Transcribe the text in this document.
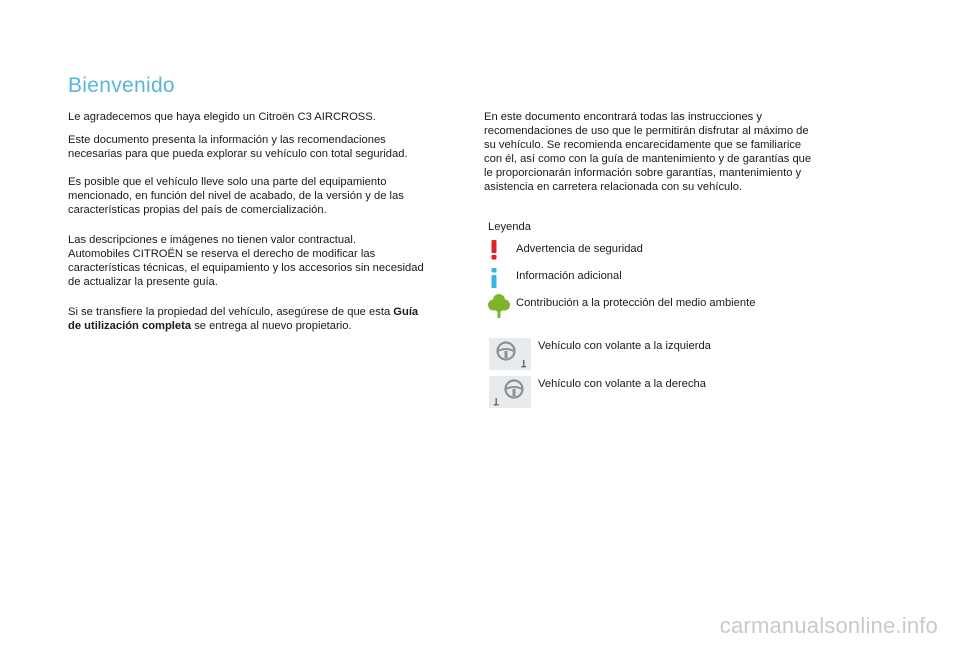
Bienvenido

Le agradecemos que haya elegido un Citroën C3 AIRCROSS.

Este documento presenta la información y las recomendaciones
necesarias para que pueda explorar su vehículo con total seguridad.

Es posible que el vehículo lleve solo una parte del equipamiento
mencionado, en función del nivel de acabado, de la versión y de las
características propias del país de comercialización.

Las descripciones e imágenes no tienen valor contractual.
Automobiles CITROËN se reserva el derecho de modificar las
características técnicas, el equipamiento y los accesorios sin necesidad
de actualizar la presente guía.

Si se transfiere la propiedad del vehículo, asegúrese de que esta Guía
de utilización completa se entrega al nuevo propietario.

En este documento encontrará todas las instrucciones y
recomendaciones de uso que le permitirán disfrutar al máximo de
su vehículo. Se recomienda encarecidamente que se familiarice
con él, así como con la guía de mantenimiento y de garantías que
le proporcionarán información sobre garantías, mantenimiento y
asistencia en carretera relacionada con su vehículo.

Leyenda
Advertencia de seguridad
Información adicional
Contribución a la protección del medio ambiente
Vehículo con volante a la izquierda
Vehículo con volante a la derecha
carmanualsonline.info
